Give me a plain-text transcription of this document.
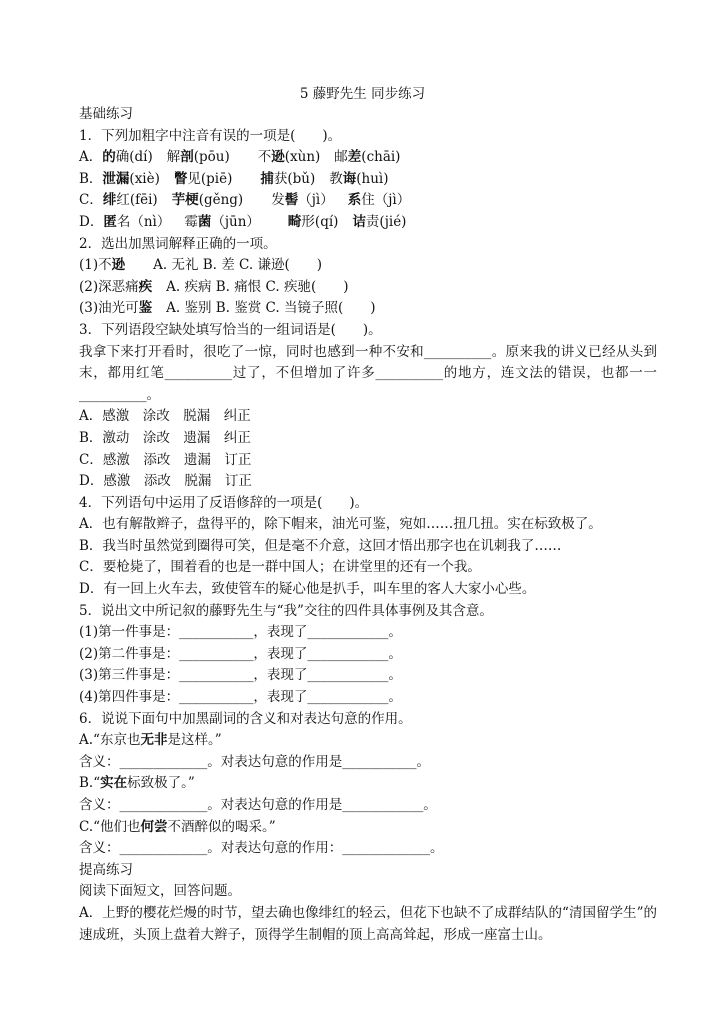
5 藤野先生 同步练习
基础练习
1．下列加粗字中注音有误的一项是(　　)。
A．的确(dí) 解剖(pōu) 不逊(xùn) 邮差(chāi)
B．泄漏(xiè) 瞥见(piē) 捕获(bǔ) 教诲(huì)
C．绯红(fēi) 芋梗(gěng) 发髻（jì） 系住（jì）
D．匿名（nì） 霉菌（jūn） 畸形(qí) 诘责(jié)
2．选出加黑词解释正确的一项。
(1)不逊 A. 无礼 B. 差 C. 谦逊(　　)
(2)深恶痛疾 A. 疾病 B. 痛恨 C. 疾驰(　　)
(3)油光可鉴 A. 鉴别 B. 鉴赏 C. 当镜子照(　　)
3．下列语段空缺处填写恰当的一组词语是(　　)。
我拿下来打开看时，很吃了一惊，同时也感到一种不安和__________。原来我的讲义已经从头到末，都用红笔__________过了，不但增加了许多__________的地方，连文法的错误，也都一一__________。
A．感激　涂改　脱漏　纠正
B．激动　涂改　遗漏　纠正
C．感激　添改　遗漏　订正
D．感激　添改　脱漏　订正
4．下列语句中运用了反语修辞的一项是(　　)。
A．也有解散辫子，盘得平的，除下帽来，油光可鉴，宛如……扭几扭。实在标致极了。
B．我当时虽然觉到圈得可笑，但是毫不介意，这回才悟出那字也在讥刺我了……
C．要枪毙了，围着看的也是一群中国人；在讲堂里的还有一个我。
D．有一回上火车去，致使管车的疑心他是扒手，叫车里的客人大家小心些。
5．说出文中所记叙的藤野先生与“我”交往的四件具体事例及其含意。
(1)第一件事是：___________，表现了____________。
(2)第二件事是：___________，表现了____________。
(3)第三件事是：___________，表现了____________。
(4)第四件事是：___________，表现了____________。
6．说说下面句中加黑副词的含义和对表达句意的作用。
A.“东京也无非是这样。”
含义：_____________。对表达句意的作用是___________。
B.“实在标致极了。”
含义：_____________。对表达句意的作用是____________。
C.“他们也何尝不酒醉似的喝采。”
含义：_____________。对表达句意的作用：_____________。
提高练习
阅读下面短文，回答问题。
A．上野的樱花烂熳的时节，望去确也像绯红的轻云，但花下也缺不了成群结队的“清国留学生”的速成班，头顶上盘着大辫子，顶得学生制帽的顶上高高耸起，形成一座富士山。
